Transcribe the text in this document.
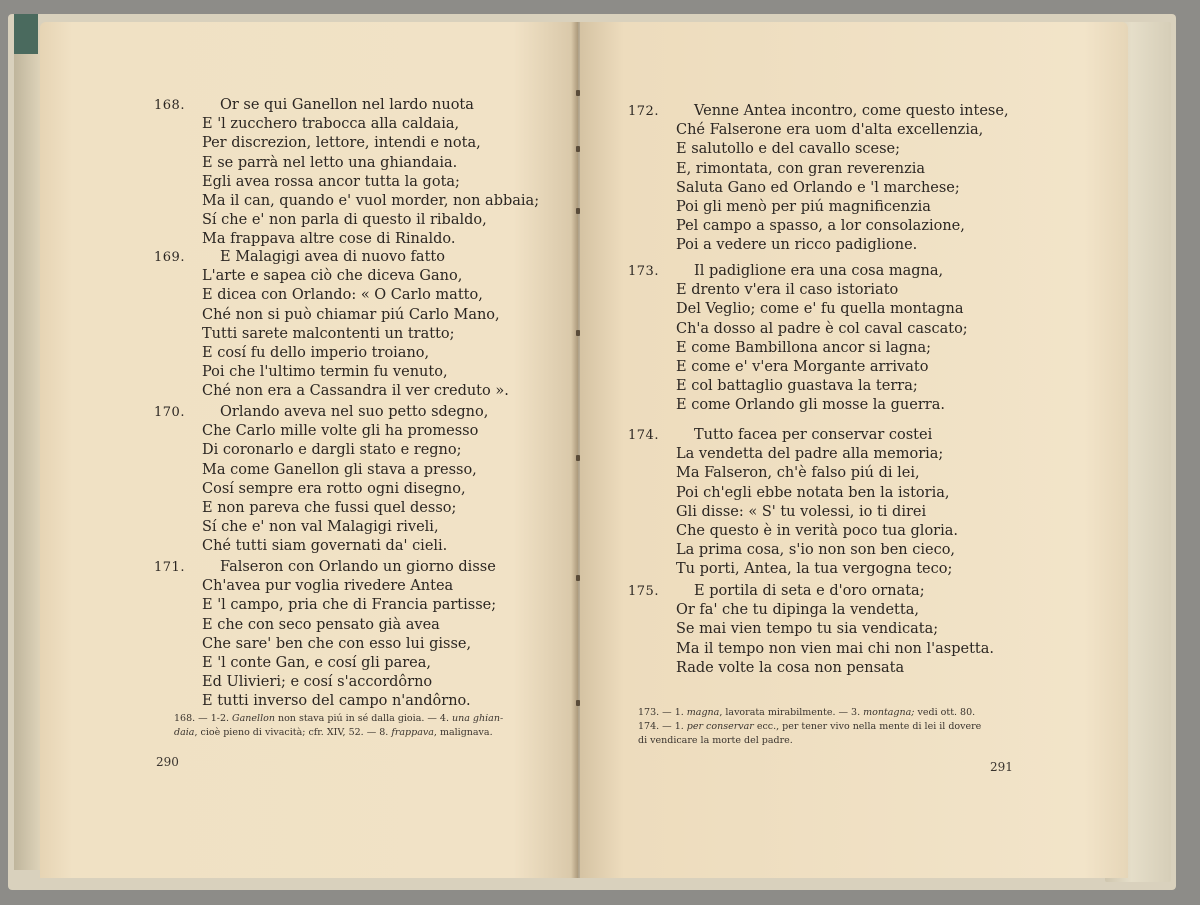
168.	Or se qui Ganellon nel lardo nuota
E 'l zucchero trabocca alla caldaia,
Per discrezion, lettore, intendi e nota,
E se parrà nel letto una ghiandaia.
Egli avea rossa ancor tutta la gota;
Ma il can, quando e' vuol morder, non abbaia;
Sí che e' non parla di questo il ribaldo,
Ma frappava altre cose di Rinaldo.
169.	E Malagigi avea di nuovo fatto
L'arte e sapea ciò che diceva Gano,
E dicea con Orlando: « O Carlo matto,
Ché non si può chiamar piú Carlo Mano,
Tutti sarete malcontenti un tratto;
E cosí fu dello imperio troiano,
Poi che l'ultimo termin fu venuto,
Ché non era a Cassandra il ver creduto ».
170.	Orlando aveva nel suo petto sdegno,
Che Carlo mille volte gli ha promesso
Di coronarlo e dargli stato e regno;
Ma come Ganellon gli stava a presso,
Cosí sempre era rotto ogni disegno,
E non pareva che fussi quel desso;
Sí che e' non val Malagigi riveli,
Ché tutti siam governati da' cieli.
171.	Falseron con Orlando un giorno disse
Ch'avea pur voglia rivedere Antea
E 'l campo, pria che di Francia partisse;
E che con seco pensato già avea
Che sare' ben che con esso lui gisse,
E 'l conte Gan, e cosí gli parea,
Ed Ulivieri; e cosí s'accordôrno
E tutti inverso del campo n'andôrno.
168. — 1-2. Ganellon non stava piú in sé dalla gioia. — 4. una ghian-
daia, cioè pieno di vivacità; cfr. XIV, 52. — 8. frappava, malignava.
290
172.	Venne Antea incontro, come questo intese,
Ché Falserone era uom d'alta excellenzia,
E salutollo e del cavallo scese;
E, rimontata, con gran reverenzia
Saluta Gano ed Orlando e 'l marchese;
Poi gli menò per piú magnificenzia
Pel campo a spasso, a lor consolazione,
Poi a vedere un ricco padiglione.
173.	Il padiglione era una cosa magna,
E drento v'era il caso istoriato
Del Veglio; come e' fu quella montagna
Ch'a dosso al padre è col caval cascato;
E come Bambillona ancor si lagna;
E come e' v'era Morgante arrivato
E col battaglio guastava la terra;
E come Orlando gli mosse la guerra.
174.	Tutto facea per conservar costei
La vendetta del padre alla memoria;
Ma Falseron, ch'è falso piú di lei,
Poi ch'egli ebbe notata ben la istoria,
Gli disse: « S' tu volessi, io ti direi
Che questo è in verità poco tua gloria.
La prima cosa, s'io non son ben cieco,
Tu porti, Antea, la tua vergogna teco;
175.	E portila di seta e d'oro ornata;
Or fa' che tu dipinga la vendetta,
Se mai vien tempo tu sia vendicata;
Ma il tempo non vien mai chi non l'aspetta.
Rade volte la cosa non pensata
173. — 1. magna, lavorata mirabilmente. — 3. montagna; vedi ott. 80.
174. — 1. per conservar ecc., per tener vivo nella mente di lei il dovere
di vendicare la morte del padre.
291
